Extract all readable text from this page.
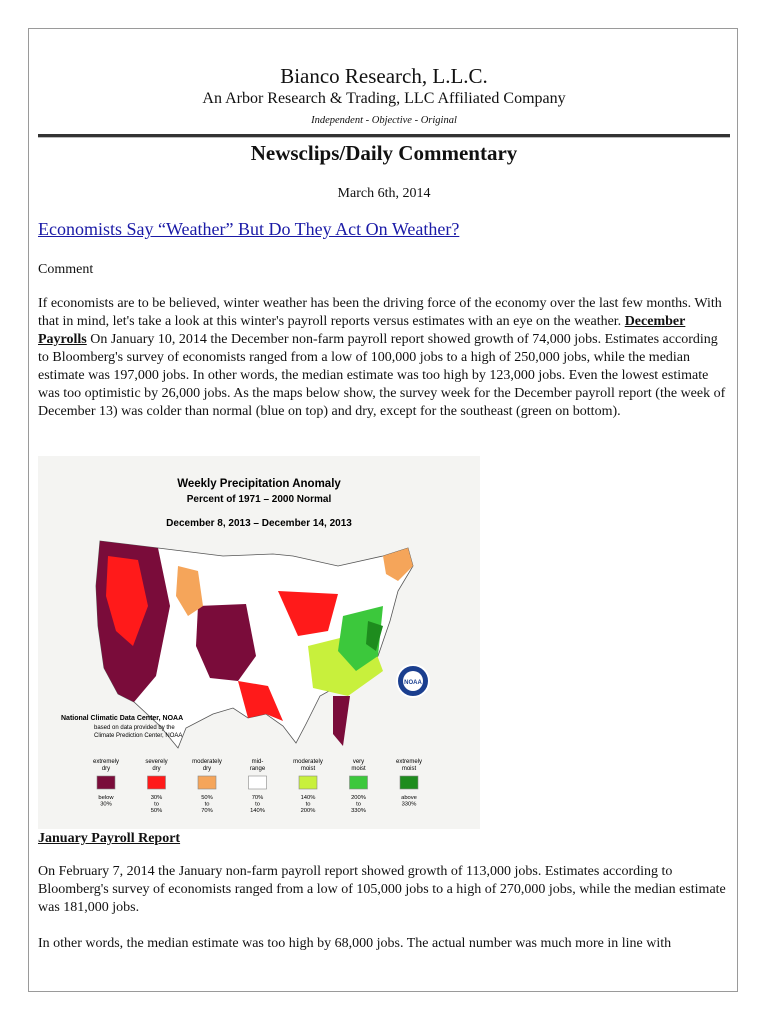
Bianco Research, L.L.C.
An Arbor Research & Trading, LLC Affiliated Company
Independent - Objective - Original
Newsclips/Daily Commentary
March 6th, 2014
Economists Say “Weather” But Do They Act On Weather?
Comment
If economists are to be believed, winter weather has been the driving force of the economy over the last few months. With that in mind, let's take a look at this winter's payroll reports versus estimates with an eye on the weather. December Payrolls On January 10, 2014 the December non-farm payroll report showed growth of 74,000 jobs. Estimates according to Bloomberg's survey of economists ranged from a low of 100,000 jobs to a high of 250,000 jobs, while the median estimate was 197,000 jobs. In other words, the median estimate was too high by 123,000 jobs. Even the lowest estimate was too optimistic by 26,000 jobs. As the maps below show, the survey week for the December payroll report (the week of December 13) was colder than normal (blue on top) and dry, except for the southeast (green on bottom).
Weekly Precipitation Anomaly
Percent of 1971 – 2000 Normal
December 8, 2013 – December 14, 2013
NOAA
National Climatic Data Center, NOAA
based on data provided by the
Climate Prediction Center, NOAA
extremely
dry
below
30%
severely
dry
30%
to
50%
moderately
dry
50%
to
70%
mid-
range
70%
to
140%
moderately
moist
140%
to
200%
very
moist
200%
to
330%
extremely
moist
above
330%
January Payroll Report
On February 7, 2014 the January non-farm payroll report showed growth of 113,000 jobs. Estimates according to Bloomberg's survey of economists ranged from a low of 105,000 jobs to a high of 270,000 jobs, while the median estimate was 181,000 jobs.
In other words, the median estimate was too high by 68,000 jobs. The actual number was much more in line with
